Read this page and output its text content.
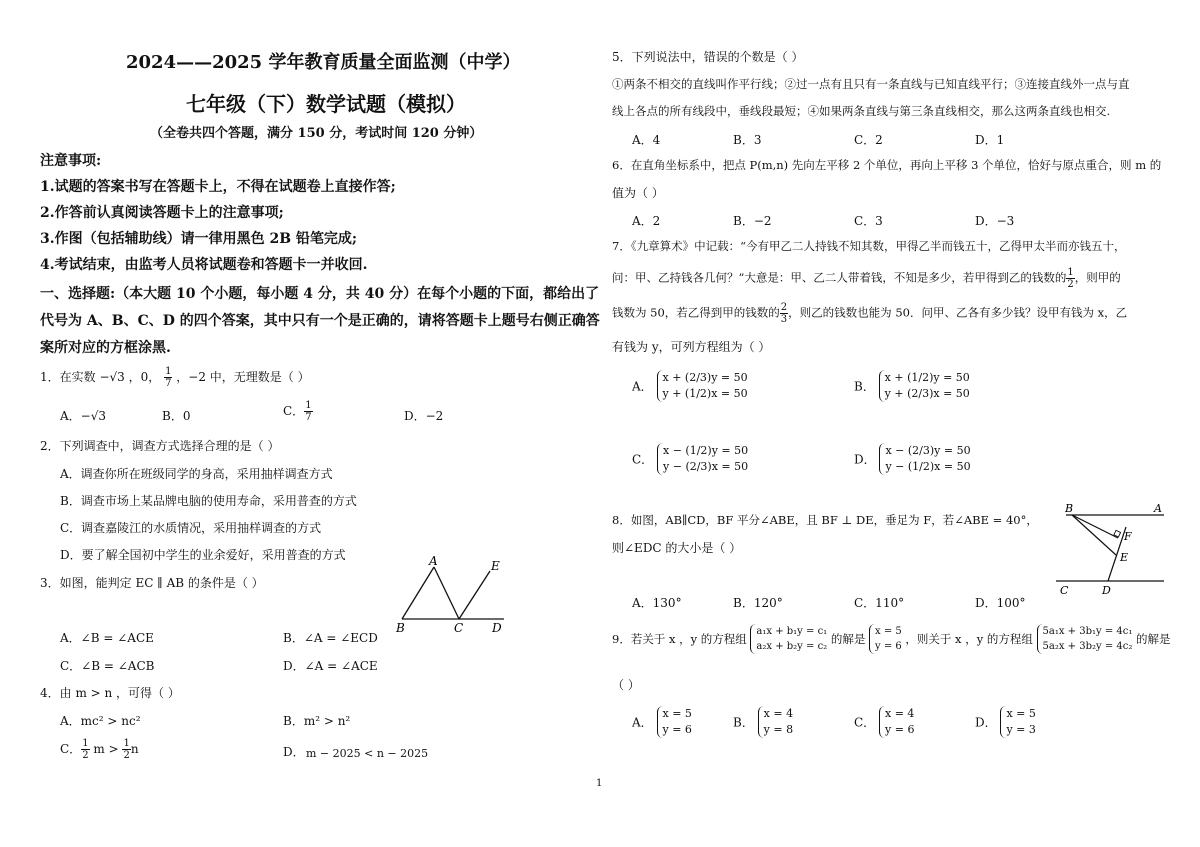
2024——2025 学年教育质量全面监测（中学）
七年级（下）数学试题（模拟）
（全卷共四个答题，满分 150 分，考试时间 120 分钟）
注意事项:
1.试题的答案书写在答题卡上，不得在试题卷上直接作答;
2.作答前认真阅读答题卡上的注意事项;
3.作图（包括辅助线）请一律用黑色 2B 铅笔完成;
4.考试结束，由监考人员将试题卷和答题卡一并收回.
一、选择题:（本大题 10 个小题，每小题 4 分，共 40 分）在每个小题的下面，都给出了
代号为 A、B、C、D 的四个答案，其中只有一个是正确的，请将答题卡上题号右侧正确答
案所对应的方框涂黑.
1．在实数 −√3 ，0， $\frac{1}{7}$ ，−2 中，无理数是（ ）
A．−√3	B．0	C． $\frac{1}{7}$	D．−2
2．下列调查中，调查方式选择合理的是（ ）
A．调查你所在班级同学的身高，采用抽样调查方式
B．调查市场上某品牌电脑的使用寿命，采用普查的方式
C．调查嘉陵江的水质情况，采用抽样调查的方式
D．要了解全国初中学生的业余爱好，采用普查的方式
3．如图，能判定 EC ∥ AB 的条件是（ ）
A	E
B	C D
A．∠B = ∠ACE	B．∠A = ∠ECD
C．∠B = ∠ACB	D．∠A = ∠ACE
4．由 m > n ，可得（ ）
A．mc² > nc²	B．m² > n²
C． $\frac{1}{2}$ $m > \frac{1}{2}$ n	D． m − 2025 < n − 2025
5．下列说法中，错误的个数是（ ）
①两条不相交的直线叫作平行线；②过一点有且只有一条直线与已知直线平行；③连接直线外一点与直
线上各点的所有线段中，垂线段最短；④如果两条直线与第三条直线相交，那么这两条直线也相交.
A．4	B．3	C．2	D．1
6．在直角坐标系中，把点 P(m,n) 先向左平移 2 个单位，再向上平移 3 个单位，恰好与原点重合，则 m 的
值为（ ）
A．2	B．−2	C．3	D．−3
7．《九章算术》中记载：“今有甲乙二人持钱不知其数，甲得乙半而钱五十，乙得甲太半而亦钱五十，
问：甲、乙持钱各几何？”大意是：甲、乙二人带着钱，不知是多少，若甲得到乙的钱数的 $\frac{1}{2}$ ，则甲的
钱数为 50，若乙得到甲的钱数的 $\frac{2}{3}$ ，则乙的钱数也能为 50．问甲、乙各有多少钱？设甲有钱为 x，乙
有钱为 y，可列方程组为（ ）
A． x + (2/3)y = 50
y + (1/2)x = 50	B． x + (1/2)y = 50
y + (2/3)x = 50
C． x − (1/2)y = 50
y − (2/3)x = 50	D． x − (2/3)y = 50
y − (1/2)x = 50
8．如图，AB∥CD，BF 平分∠ABE，且 BF ⊥ DE，垂足为 F，若∠ABE = 40°，
则∠EDC 的大小是（ ）
B	A
F
E
C	D
A．130°	B．120°	C．110°	D．100°
9．若关于 x ，y 的方程组 a₁x + b₁y = c₁
a₂x + b₂y = c₂ 的解是 x = 5
y = 6 ，则关于 x ，y 的方程组 5a₁x + 3b₁y = 4c₁
5a₂x + 3b₂y = 4c₂ 的解是
（ ）
A． x = 5
y = 6	B． x = 4
y = 8	C． x = 4
y = 6	D． x = 5
y = 3
1
